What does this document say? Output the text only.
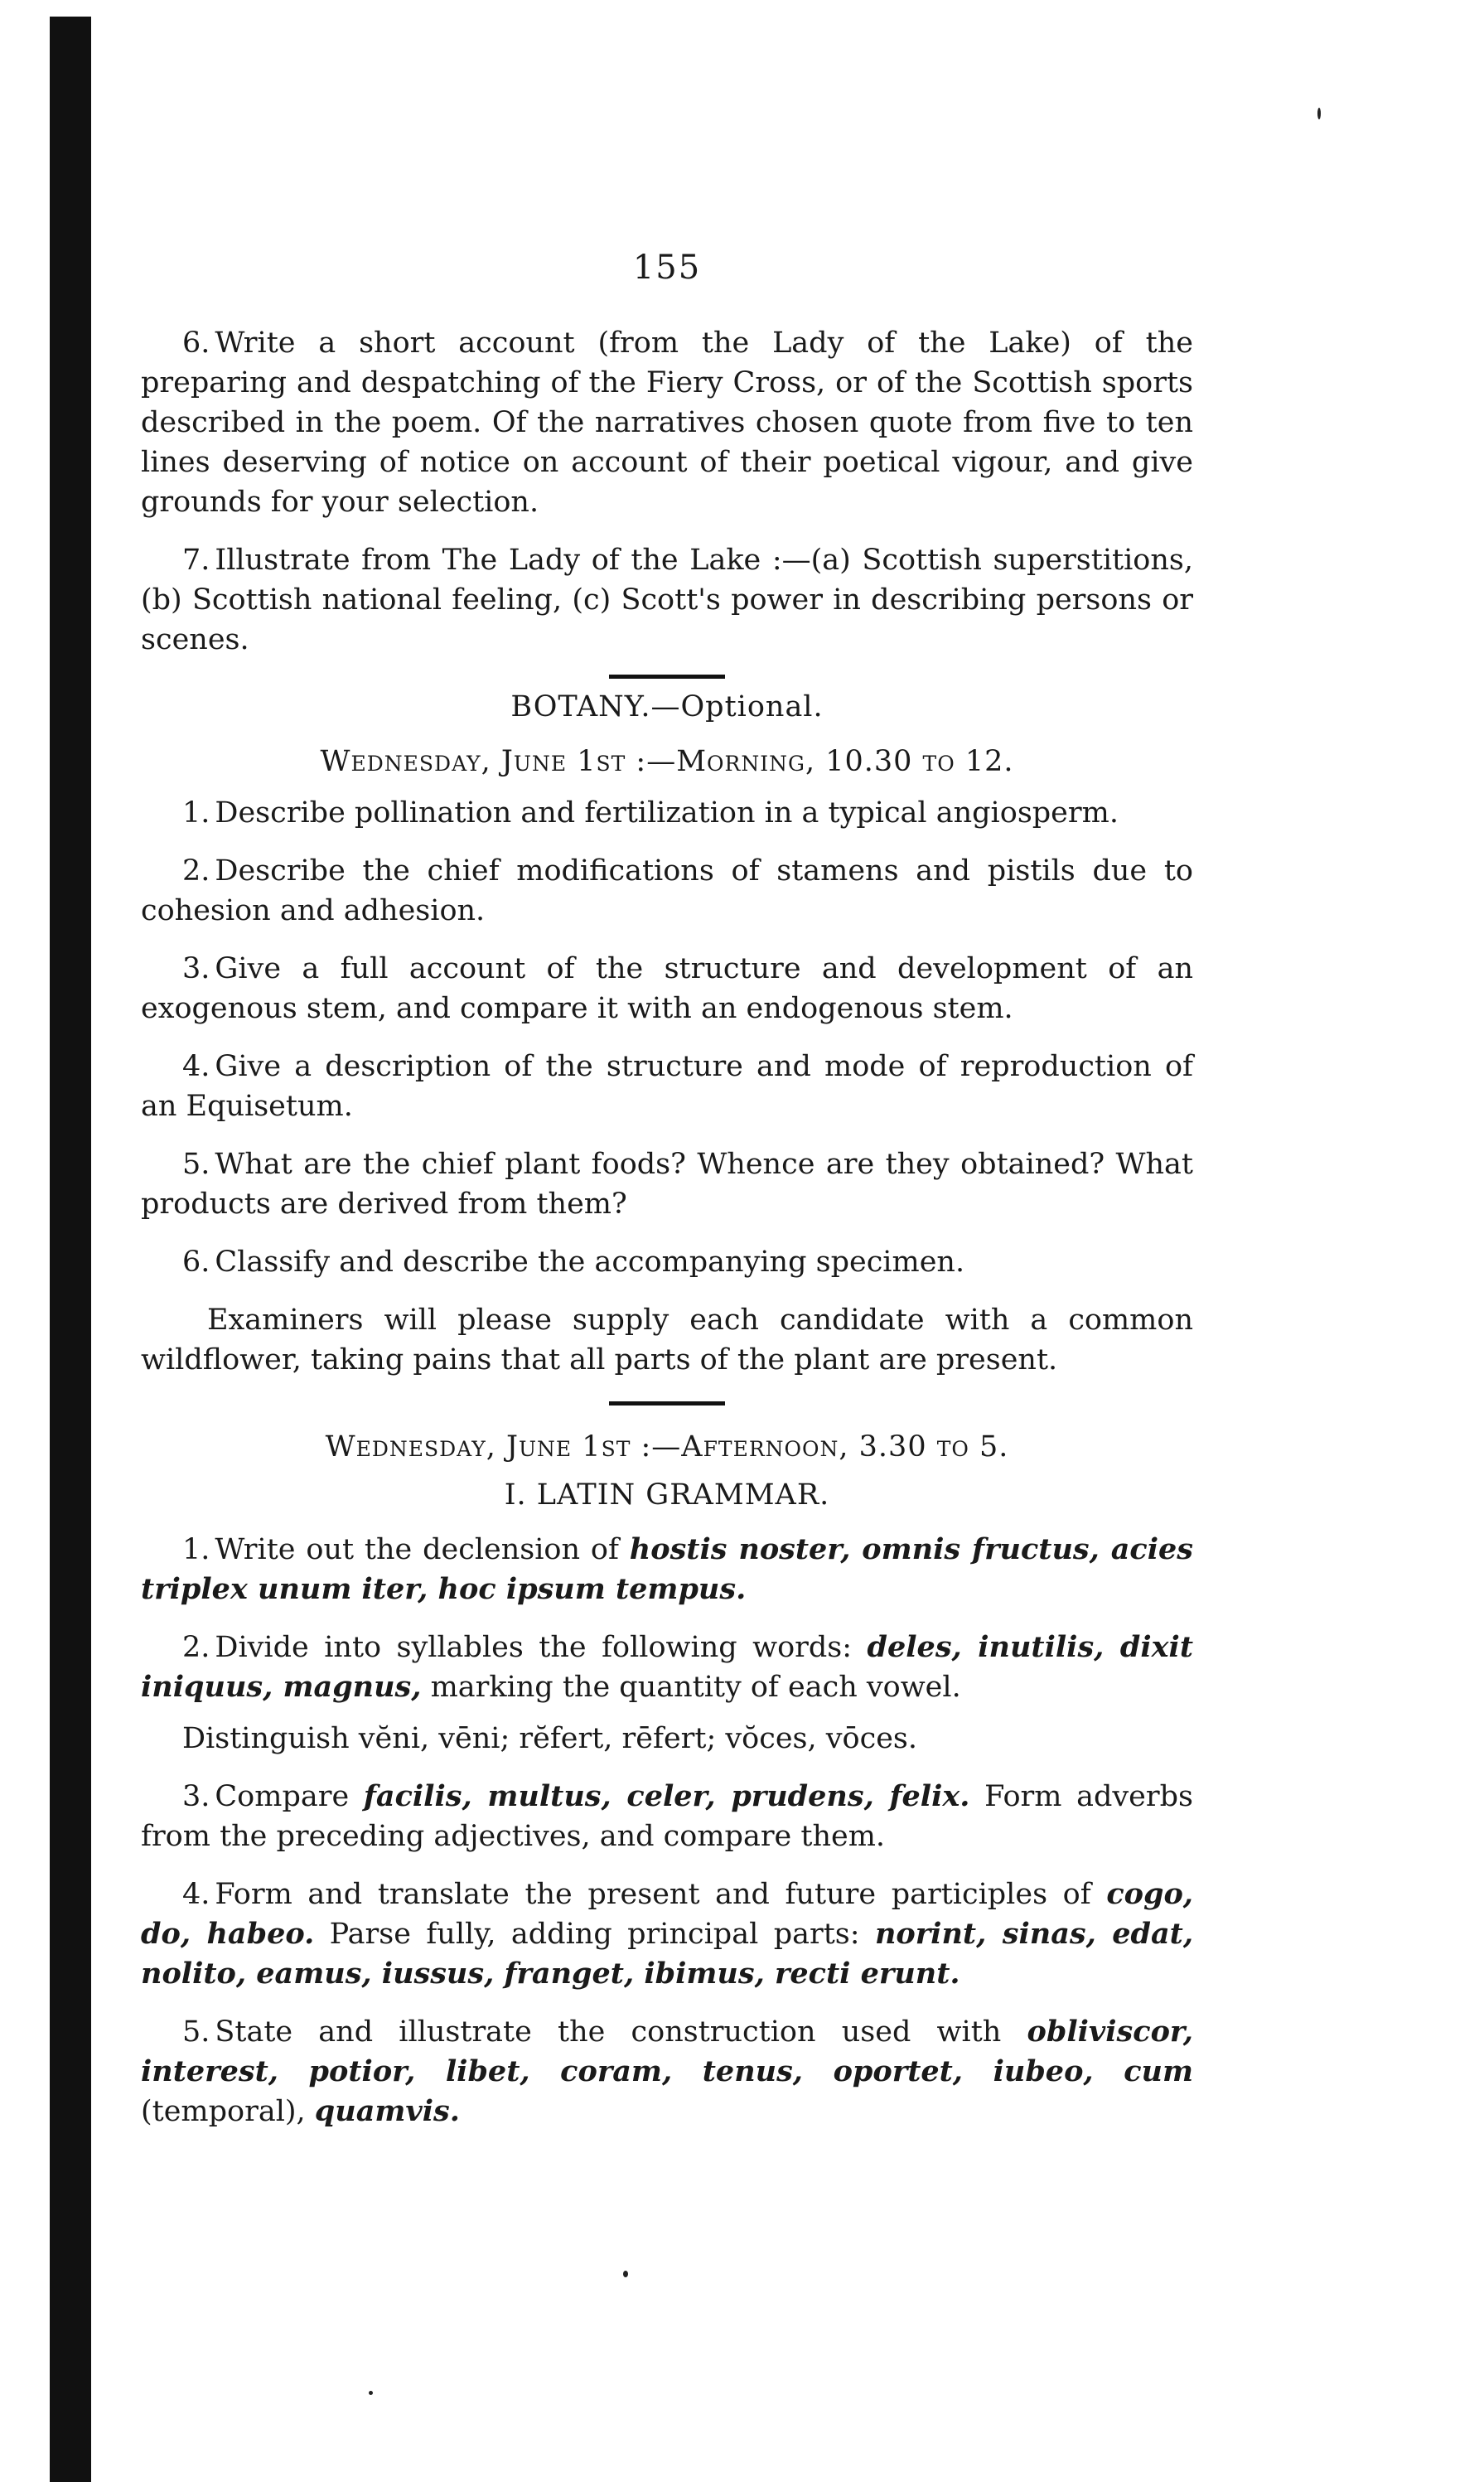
155

6. Write a short account (from the Lady of the Lake) of the preparing and despatching of the Fiery Cross, or of the Scottish sports described in the poem. Of the narratives chosen quote from five to ten lines deserving of notice on account of their poetical vigour, and give grounds for your selection.

7. Illustrate from The Lady of the Lake :—(a) Scottish superstitions, (b) Scottish national feeling, (c) Scott's power in describing persons or scenes.

BOTANY.—Optional.

Wednesday, June 1st :—Morning, 10.30 to 12.

1. Describe pollination and fertilization in a typical angiosperm.

2. Describe the chief modifications of stamens and pistils due to cohesion and adhesion.

3. Give a full account of the structure and development of an exogenous stem, and compare it with an endogenous stem.

4. Give a description of the structure and mode of reproduction of an Equisetum.

5. What are the chief plant foods? Whence are they obtained? What products are derived from them?

6. Classify and describe the accompanying specimen.

Examiners will please supply each candidate with a common wildflower, taking pains that all parts of the plant are present.

Wednesday, June 1st :—Afternoon, 3.30 to 5.

I. LATIN GRAMMAR.

1. Write out the declension of hostis noster, omnis fructus, acies triplex unum iter, hoc ipsum tempus.

2. Divide into syllables the following words: deles, inutilis, dixit iniquus, magnus, marking the quantity of each vowel.

Distinguish vĕni, vēni; rĕfert, rēfert; vŏces, vōces.

3. Compare facilis, multus, celer, prudens, felix. Form adverbs from the preceding adjectives, and compare them.

4. Form and translate the present and future participles of cogo, do, habeo. Parse fully, adding principal parts: norint, sinas, edat, nolito, eamus, iussus, franget, ibimus, recti erunt.

5. State and illustrate the construction used with obliviscor, interest, potior, libet, coram, tenus, oportet, iubeo, cum (temporal), quamvis.
